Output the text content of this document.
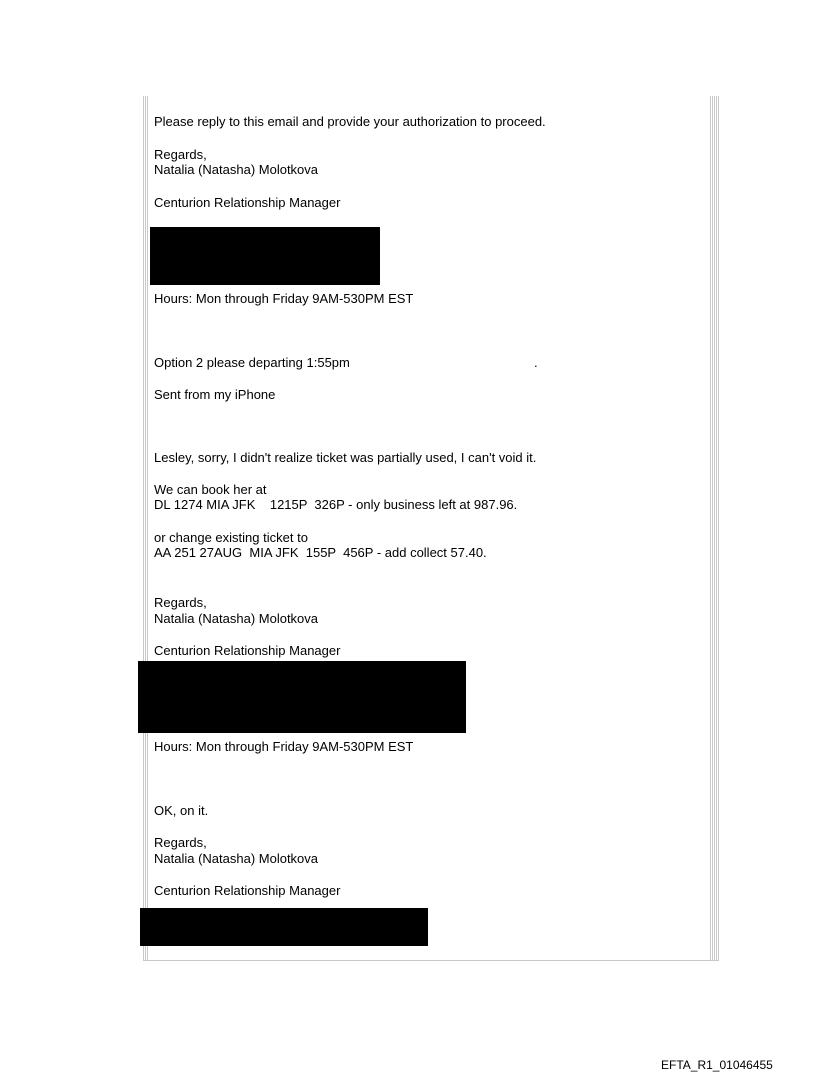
Please reply to this email and provide your authorization to proceed.
Regards,
Natalia (Natasha) Molotkova
Centurion Relationship Manager
Hours: Mon through Friday 9AM-530PM EST
Option 2 please departing 1:55pm	.
Sent from my iPhone
Lesley, sorry, I didn't realize ticket was partially used, I can't void it.
We can book her at
DL 1274 MIA JFK    1215P  326P - only business left at 987.96.
or change existing ticket to
AA 251 27AUG  MIA JFK  155P  456P - add collect 57.40.
Regards,
Natalia (Natasha) Molotkova
Centurion Relationship Manager
Hours: Mon through Friday 9AM-530PM EST
OK, on it.
Regards,
Natalia (Natasha) Molotkova
Centurion Relationship Manager
EFTA_R1_01046455
